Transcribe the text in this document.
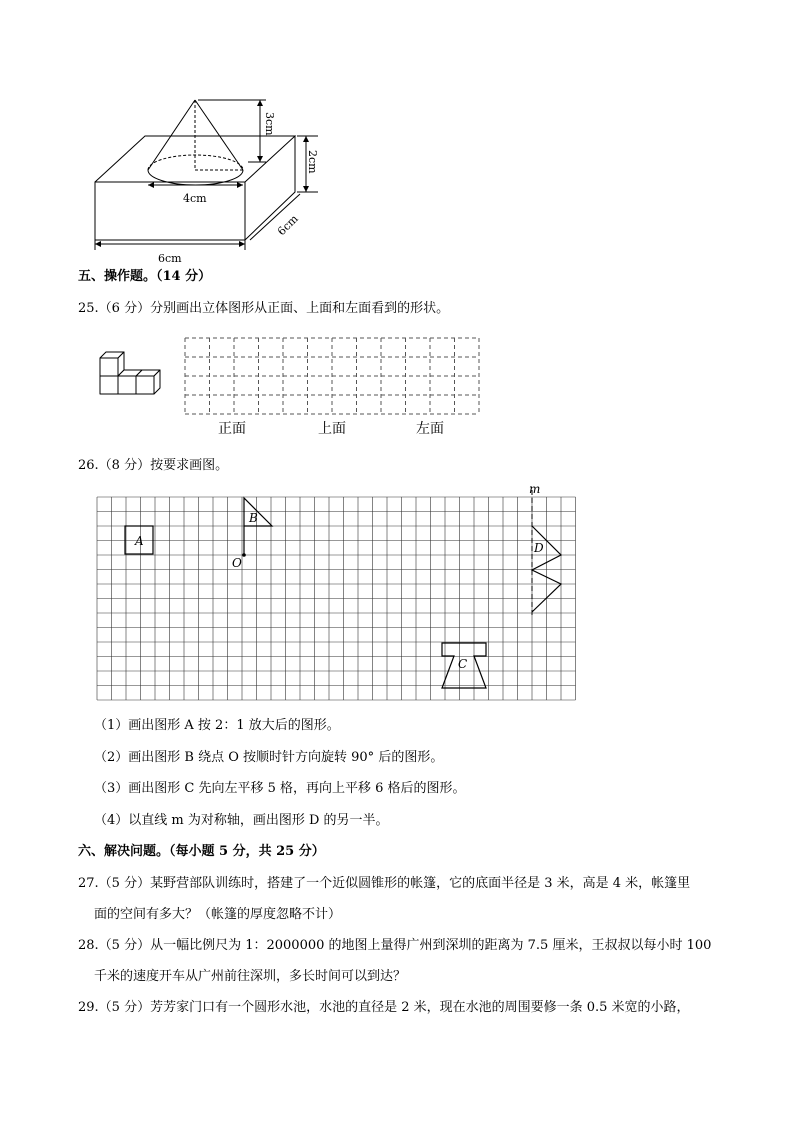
3cm
2cm
4cm
6cm
6cm
五、操作题。（14 分）
25.（6 分）分别画出立体图形从正面、上面和左面看到的形状。
正面	上面	左面
26.（8 分）按要求画图。
m
A
B
O
C
D
（1）画出图形 A 按 2：1 放大后的图形。
（2）画出图形 B 绕点 O 按顺时针方向旋转 90° 后的图形。
（3）画出图形 C 先向左平移 5 格，再向上平移 6 格后的图形。
（4）以直线 m 为对称轴，画出图形 D 的另一半。
六、解决问题。（每小题 5 分，共 25 分）
27.（5 分）某野营部队训练时，搭建了一个近似圆锥形的帐篷，它的底面半径是 3 米，高是 4 米，帐篷里
面的空间有多大？（帐篷的厚度忽略不计）
28.（5 分）从一幅比例尺为 1：2000000 的地图上量得广州到深圳的距离为 7.5 厘米，王叔叔以每小时 100
千米的速度开车从广州前往深圳，多长时间可以到达？
29.（5 分）芳芳家门口有一个圆形水池，水池的直径是 2 米，现在水池的周围要修一条 0.5 米宽的小路，
